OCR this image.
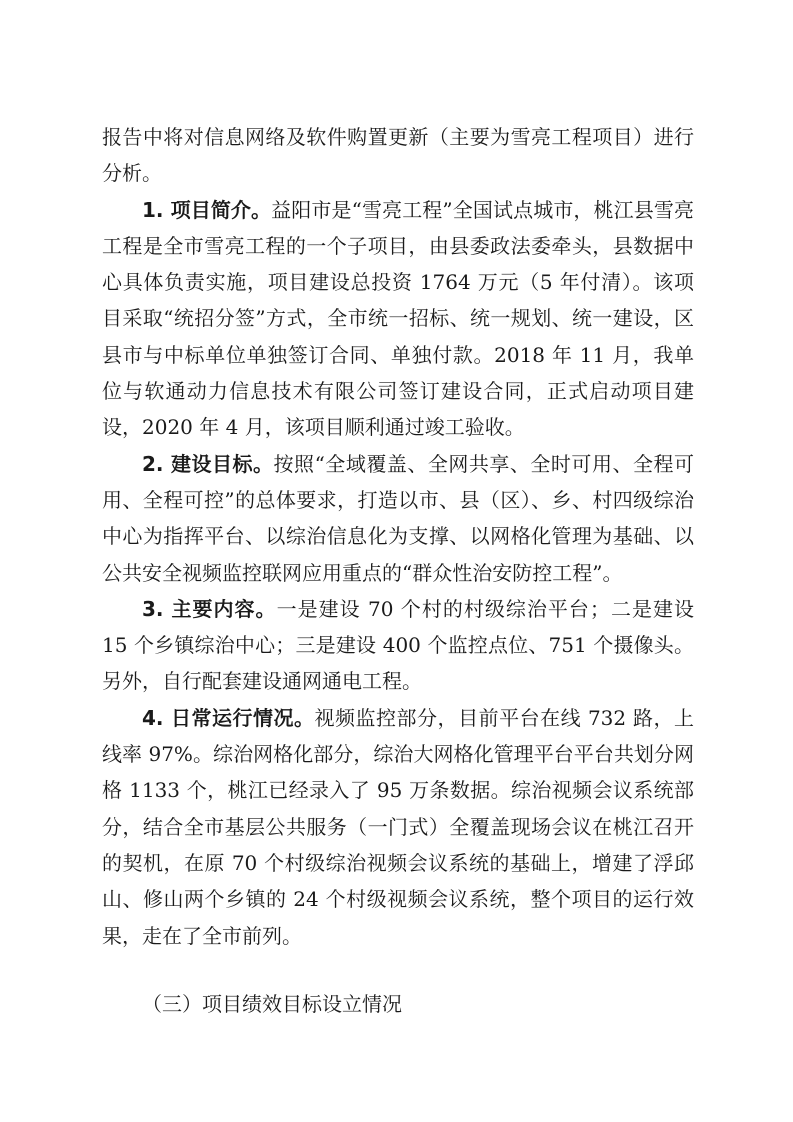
报告中将对信息网络及软件购置更新（主要为雪亮工程项目）进行分析。

1. 项目简介。益阳市是“雪亮工程”全国试点城市，桃江县雪亮工程是全市雪亮工程的一个子项目，由县委政法委牵头，县数据中心具体负责实施，项目建设总投资 1764 万元（5 年付清）。该项目采取“统招分签”方式，全市统一招标、统一规划、统一建设，区县市与中标单位单独签订合同、单独付款。2018 年 11 月，我单位与软通动力信息技术有限公司签订建设合同，正式启动项目建设，2020 年 4 月，该项目顺利通过竣工验收。

2. 建设目标。按照“全域覆盖、全网共享、全时可用、全程可用、全程可控”的总体要求，打造以市、县（区）、乡、村四级综治中心为指挥平台、以综治信息化为支撑、以网格化管理为基础、以公共安全视频监控联网应用重点的“群众性治安防控工程”。

3. 主要内容。一是建设 70 个村的村级综治平台；二是建设 15 个乡镇综治中心；三是建设 400 个监控点位、751 个摄像头。另外，自行配套建设通网通电工程。

4. 日常运行情况。视频监控部分，目前平台在线 732 路，上线率 97%。综治网格化部分，综治大网格化管理平台平台共划分网格 1133 个，桃江已经录入了 95 万条数据。综治视频会议系统部分，结合全市基层公共服务（一门式）全覆盖现场会议在桃江召开的契机，在原 70 个村级综治视频会议系统的基础上，增建了浮邱山、修山两个乡镇的 24 个村级视频会议系统，整个项目的运行效果，走在了全市前列。

（三）项目绩效目标设立情况
